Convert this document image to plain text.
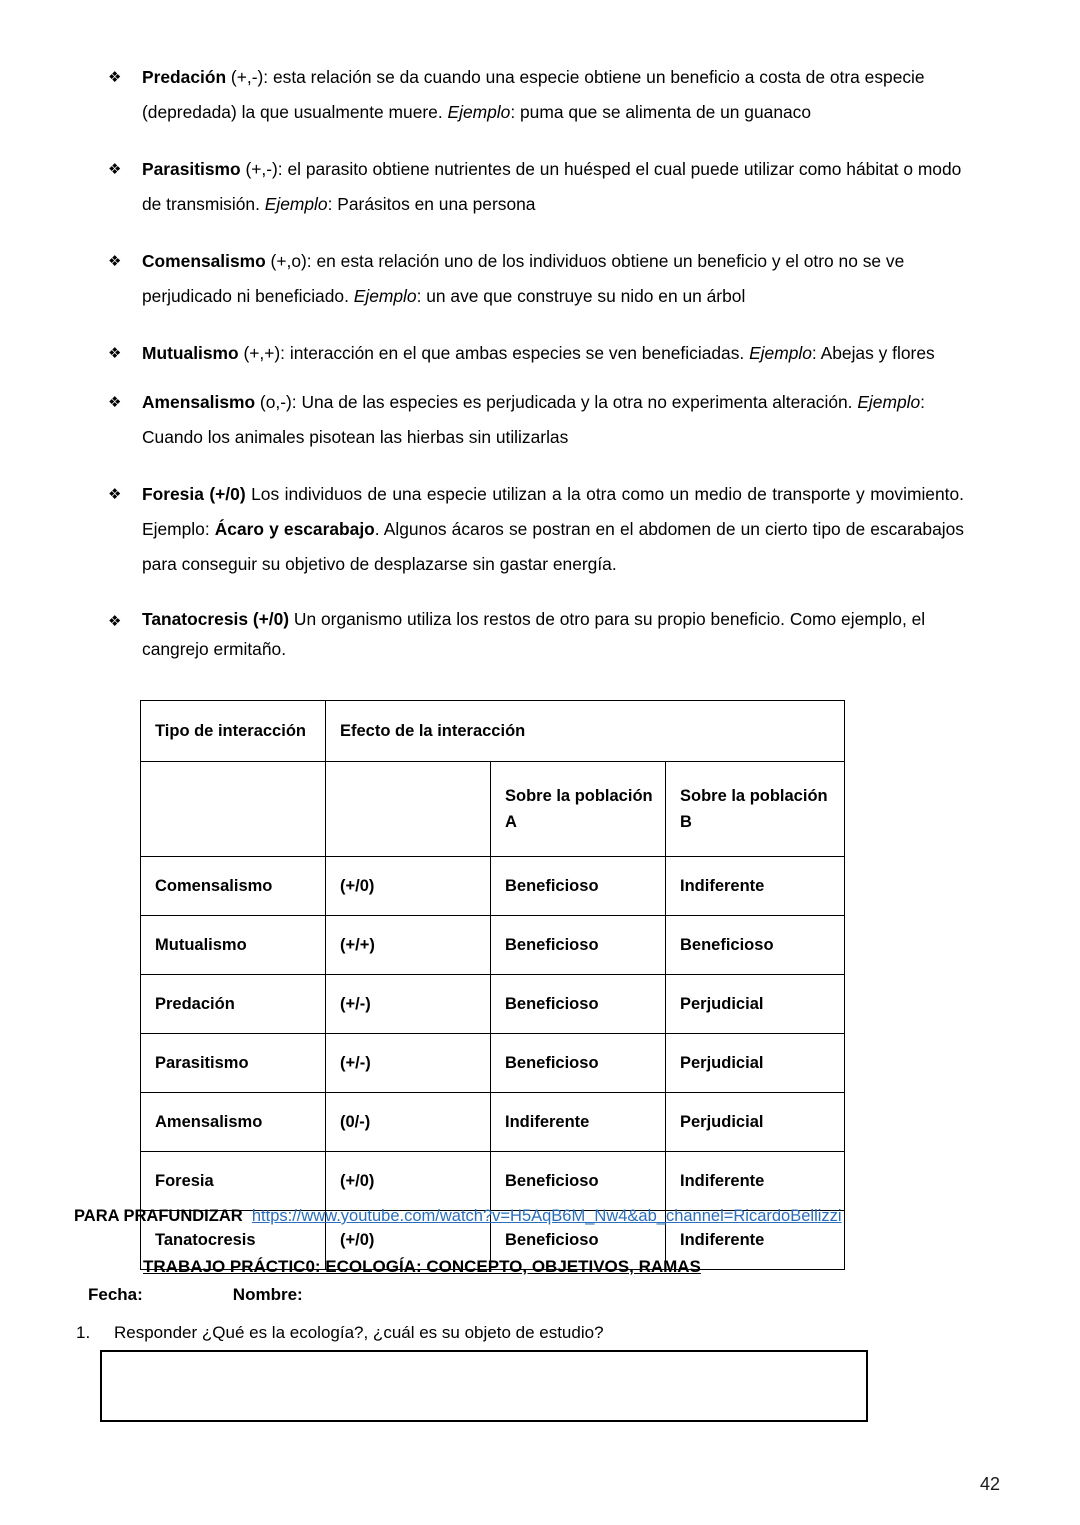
❖ Predación (+,-): esta relación se da cuando una especie obtiene un beneficio a costa de otra especie (depredada) la que usualmente muere. Ejemplo: puma que se alimenta de un guanaco
❖ Parasitismo (+,-): el parasito obtiene nutrientes de un huésped el cual puede utilizar como hábitat o modo de transmisión. Ejemplo: Parásitos en una persona
❖ Comensalismo (+,o): en esta relación uno de los individuos obtiene un beneficio y el otro no se ve perjudicado ni beneficiado. Ejemplo: un ave que construye su nido en un árbol
❖ Mutualismo (+,+): interacción en el que ambas especies se ven beneficiadas. Ejemplo: Abejas y flores
❖ Amensalismo (o,-): Una de las especies es perjudicada y la otra no experimenta alteración. Ejemplo: Cuando los animales pisotean las hierbas sin utilizarlas
❖ Foresia (+/0) Los individuos de una especie utilizan a la otra como un medio de transporte y movimiento. Ejemplo: Ácaro y escarabajo. Algunos ácaros se postran en el abdomen de un cierto tipo de escarabajos para conseguir su objetivo de desplazarse sin gastar energía.
❖ Tanatocresis (+/0) Un organismo utiliza los restos de otro para su propio beneficio. Como ejemplo, el cangrejo ermitaño.
Tipo de interacción	Efecto de la interacción		
		Sobre la población A	Sobre la población B
Comensalismo	(+/0)	Beneficioso	Indiferente
Mutualismo	(+/+)	Beneficioso	Beneficioso
Predación	(+/-)	Beneficioso	Perjudicial
Parasitismo	(+/-)	Beneficioso	Perjudicial
Amensalismo	(0/-)	Indiferente	Perjudicial
Foresia	(+/0)	Beneficioso	Indiferente
Tanatocresis	(+/0)	Beneficioso	Indiferente
PARA PRAFUNDIZAR https://www.youtube.com/watch?v=H5AqB6M_Nw4&ab_channel=RicardoBellizzi
TRABAJO PRÁCTIC0: ECOLOGÍA: CONCEPTO, OBJETIVOS, RAMAS
Fecha:	Nombre:
1. Responder ¿Qué es la ecología?, ¿cuál es su objeto de estudio?
42
